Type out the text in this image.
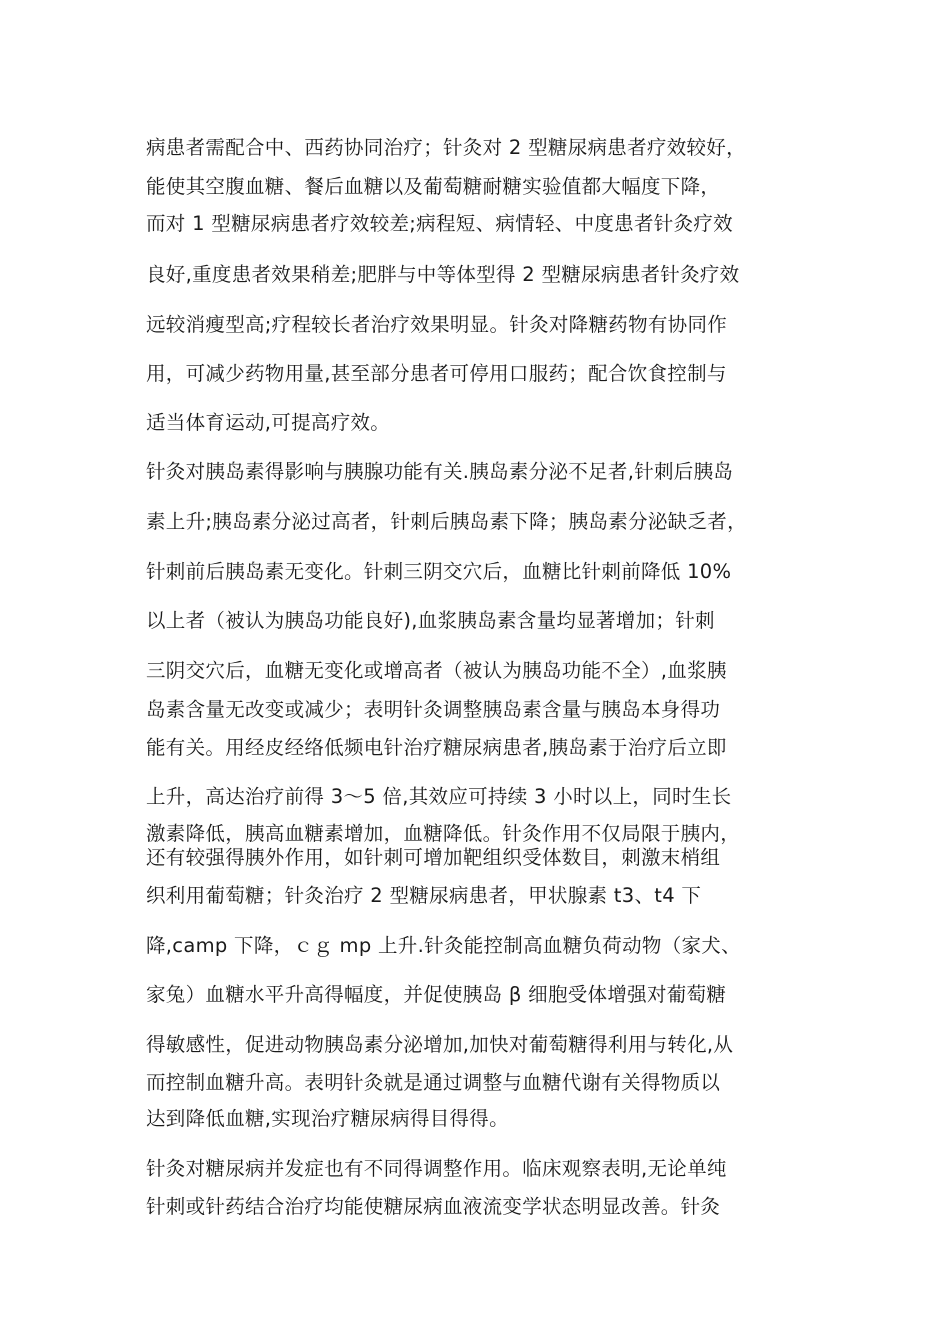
病患者需配合中、西药协同治疗；针灸对 2 型糖尿病患者疗效较好，
能使其空腹血糖、餐后血糖以及葡萄糖耐糖实验值都大幅度下降，
而对 1 型糖尿病患者疗效较差;病程短、病情轻、中度患者针灸疗效
良好,重度患者效果稍差;肥胖与中等体型得 2 型糖尿病患者针灸疗效
远较消瘦型高;疗程较长者治疗效果明显。针灸对降糖药物有协同作
用，可减少药物用量,甚至部分患者可停用口服药；配合饮食控制与
适当体育运动,可提高疗效。
针灸对胰岛素得影响与胰腺功能有关.胰岛素分泌不足者,针刺后胰岛
素上升;胰岛素分泌过高者，针刺后胰岛素下降；胰岛素分泌缺乏者，
针刺前后胰岛素无变化。针刺三阴交穴后，血糖比针刺前降低 10%
以上者（被认为胰岛功能良好),血浆胰岛素含量均显著增加；针刺
三阴交穴后，血糖无变化或增高者（被认为胰岛功能不全）,血浆胰
岛素含量无改变或减少；表明针灸调整胰岛素含量与胰岛本身得功
能有关。用经皮经络低频电针治疗糖尿病患者,胰岛素于治疗后立即
上升，高达治疗前得 3～5 倍,其效应可持续 3 小时以上，同时生长
激素降低，胰高血糖素增加，血糖降低。针灸作用不仅局限于胰内，
还有较强得胰外作用，如针刺可增加靶组织受体数目，刺激末梢组
织利用葡萄糖；针灸治疗 2 型糖尿病患者，甲状腺素 t3、t4 下
降,camp 下降，ｃｇ mp 上升.针灸能控制高血糖负荷动物（家犬、
家兔）血糖水平升高得幅度，并促使胰岛 β 细胞受体增强对葡萄糖
得敏感性，促进动物胰岛素分泌增加,加快对葡萄糖得利用与转化,从
而控制血糖升高。表明针灸就是通过调整与血糖代谢有关得物质以
达到降低血糖,实现治疗糖尿病得目得得。
针灸对糖尿病并发症也有不同得调整作用。临床观察表明,无论单纯
针刺或针药结合治疗均能使糖尿病血液流变学状态明显改善。针灸
